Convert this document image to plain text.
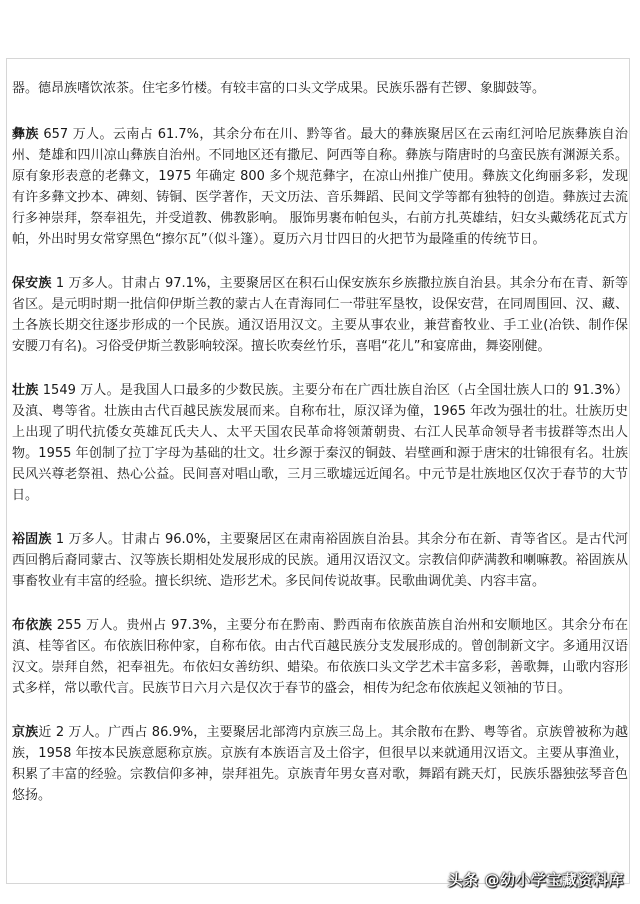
器。德昂族嗜饮浓茶。住宅多竹楼。有较丰富的口头文学成果。民族乐器有芒锣、象脚鼓等。

彝族 657 万人。云南占 61.7%，其余分布在川、黔等省。最大的彝族聚居区在云南红河哈尼族彝族自治州、楚雄和四川凉山彝族自治州。不同地区还有撒尼、阿西等自称。彝族与隋唐时的乌蛮民族有渊源关系。原有象形表意的老彝文，1975 年确定 800 多个规范彝字，在凉山州推广使用。彝族文化绚丽多彩，发现有许多彝文抄本、碑刻、铸铜、医学著作，天文历法、音乐舞蹈、民间文学等都有独特的创造。彝族过去流行多神崇拜，祭奉祖先，并受道教、佛教影响。 服饰男裹布帕包头，右前方扎英雄结，妇女头戴绣花瓦式方帕，外出时男女常穿黑色“擦尔瓦”（似斗篷）。夏历六月廿四日的火把节为最隆重的传统节日。

保安族 1 万多人。甘肃占 97.1%，主要聚居区在积石山保安族东乡族撒拉族自治县。其余分布在青、新等省区。是元明时期一批信仰伊斯兰教的蒙古人在青海同仁一带驻军垦牧，设保安营，在同周围回、汉、藏、土各族长期交往逐步形成的一个民族。通汉语用汉文。主要从事农业，兼营畜牧业、手工业(冶铁、制作保安腰刀有名)。习俗受伊斯兰教影响较深。擅长吹奏丝竹乐，喜唱“花儿”和宴席曲，舞姿刚健。

壮族 1549 万人。是我国人口最多的少数民族。主要分布在广西壮族自治区（占全国壮族人口的 91.3%）及滇、粤等省。壮族由古代百越民族发展而来。自称布壮，原汉译为僮，1965 年改为强壮的壮。壮族历史上出现了明代抗倭女英雄瓦氏夫人、太平天国农民革命将领萧朝贵、右江人民革命领导者韦拔群等杰出人物。1955 年创制了拉丁字母为基础的壮文。壮乡源于秦汉的铜鼓、岩壁画和源于唐宋的壮锦很有名。壮族民风兴尊老祭祖、热心公益。民间喜对唱山歌，三月三歌墟远近闻名。中元节是壮族地区仅次于春节的大节日。

裕固族 1 万多人。甘肃占 96.0%，主要聚居区在肃南裕固族自治县。其余分布在新、青等省区。是古代河西回鹘后裔同蒙古、汉等族长期相处发展形成的民族。通用汉语汉文。宗教信仰萨满教和喇嘛教。裕固族从事畜牧业有丰富的经验。擅长织统、造形艺术。多民间传说故事。民歌曲调优美、内容丰富。

布依族 255 万人。贵州占 97.3%，主要分布在黔南、黔西南布依族苗族自治州和安顺地区。其余分布在滇、桂等省区。布依族旧称仲家，自称布依。由古代百越民族分支发展形成的。曾创制新文字。多通用汉语汉文。崇拜自然，祀奉祖先。布依妇女善纺织、蜡染。布依族口头文学艺术丰富多彩，善歌舞，山歌内容形式多样，常以歌代言。民族节日六月六是仅次于春节的盛会，相传为纪念布依族起义领袖的节日。

京族近 2 万人。广西占 86.9%，主要聚居北部湾内京族三岛上。其余散布在黔、粤等省。京族曾被称为越族，1958 年按本民族意愿称京族。京族有本族语言及土俗字，但很早以来就通用汉语文。主要从事渔业，积累了丰富的经验。宗教信仰多神，崇拜祖先。京族青年男女喜对歌，舞蹈有跳天灯，民族乐器独弦琴音色悠扬。

头条 @幼小学宝藏资料库
